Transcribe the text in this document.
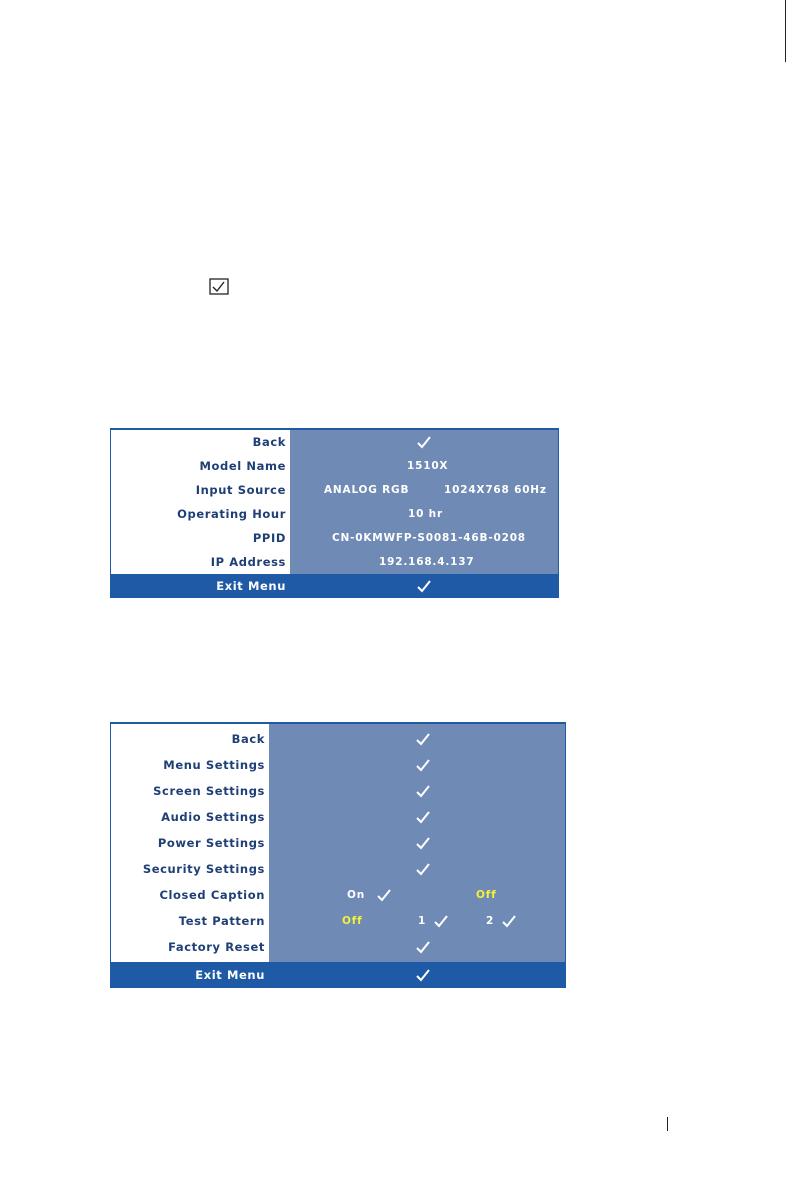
Back
Model Name	1510X
Input Source	ANALOG RGB	1024X768 60Hz
Operating Hour	10 hr
PPID	CN-0KMWFP-S0081-46B-0208
IP Address	192.168.4.137
Exit Menu
Back
Menu Settings
Screen Settings
Audio Settings
Power Settings
Security Settings
Closed Caption	On	Off
Test Pattern	Off	1	2
Factory Reset
Exit Menu
